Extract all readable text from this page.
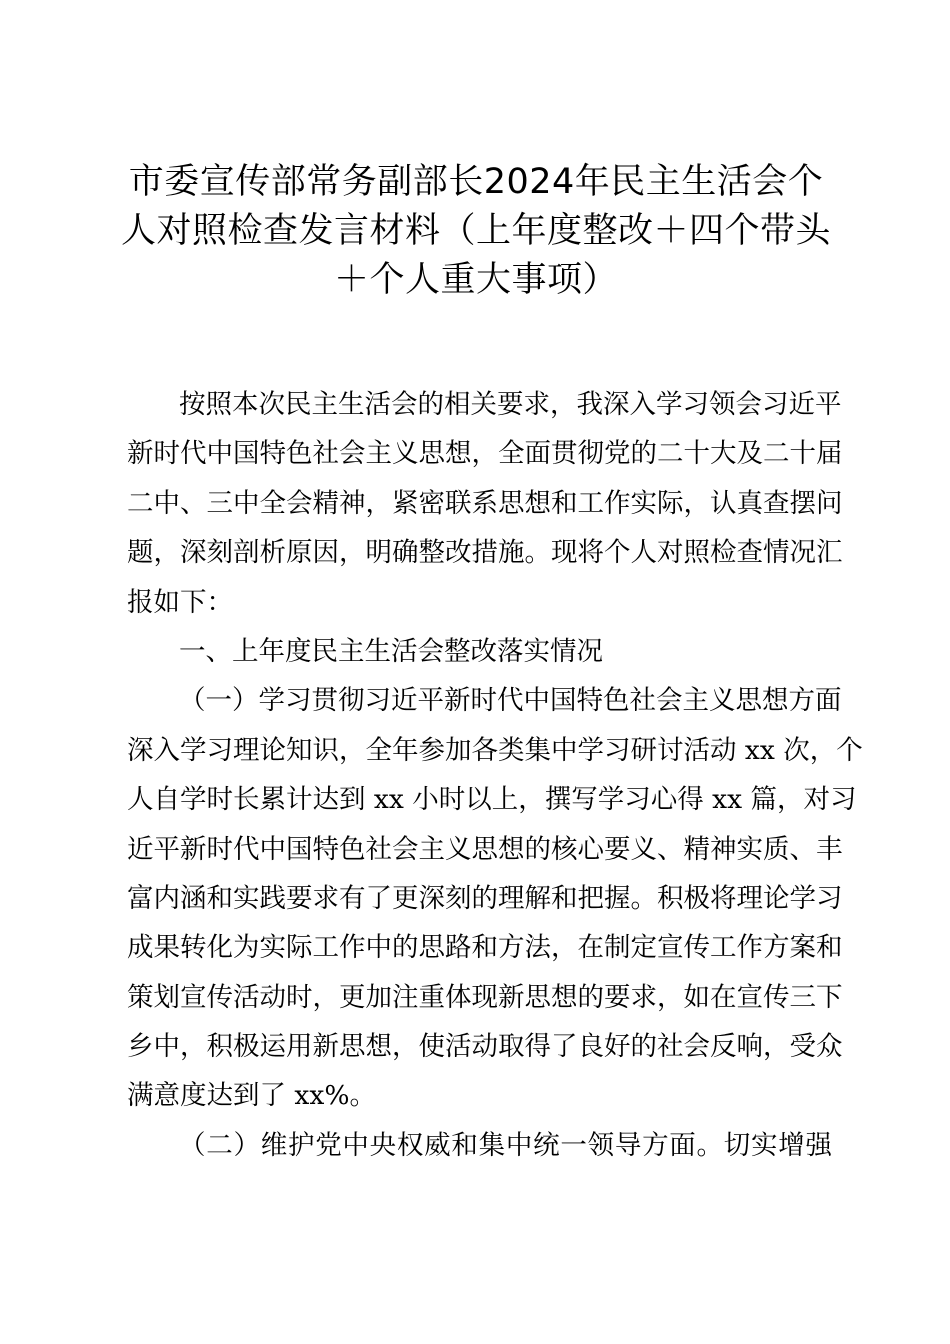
市委宣传部常务副部长2024年民主生活会个
人对照检查发言材料（上年度整改＋四个带头
＋个人重大事项）
按照本次民主生活会的相关要求，我深入学习领会习近平
新时代中国特色社会主义思想，全面贯彻党的二十大及二十届
二中、三中全会精神，紧密联系思想和工作实际，认真查摆问
题，深刻剖析原因，明确整改措施。现将个人对照检查情况汇
报如下：
一、上年度民主生活会整改落实情况
（一）学习贯彻习近平新时代中国特色社会主义思想方面
深入学习理论知识，全年参加各类集中学习研讨活动 xx 次，个
人自学时长累计达到 xx 小时以上，撰写学习心得 xx 篇，对习
近平新时代中国特色社会主义思想的核心要义、精神实质、丰
富内涵和实践要求有了更深刻的理解和把握。积极将理论学习
成果转化为实际工作中的思路和方法，在制定宣传工作方案和
策划宣传活动时，更加注重体现新思想的要求，如在宣传三下
乡中，积极运用新思想，使活动取得了良好的社会反响，受众
满意度达到了 xx%。
（二）维护党中央权威和集中统一领导方面。切实增强
